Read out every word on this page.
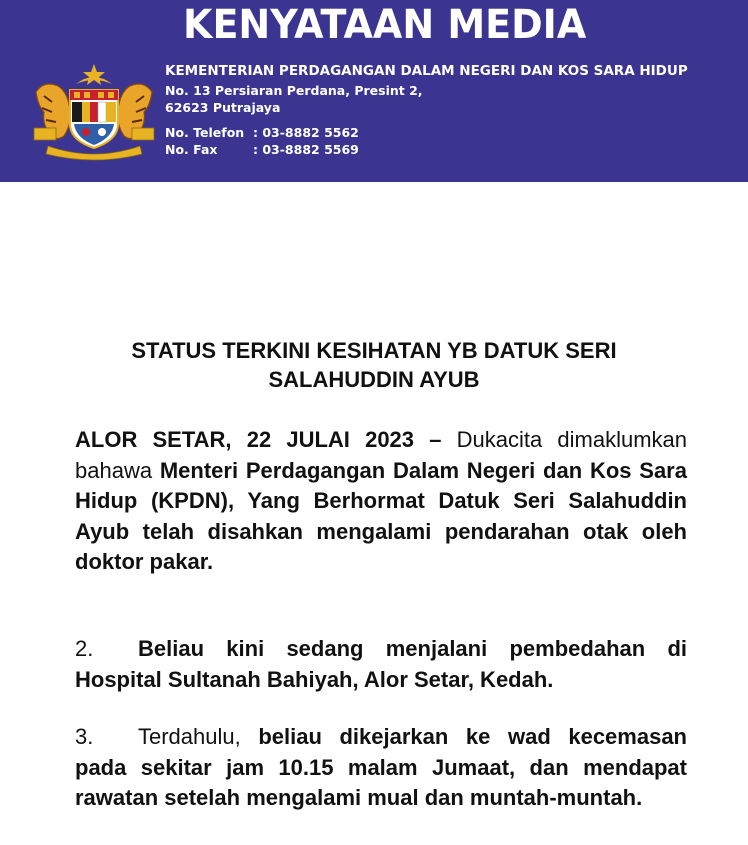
KENYATAAN MEDIA
KEMENTERIAN PERDAGANGAN DALAM NEGERI DAN KOS SARA HIDUP
No. 13 Persiaran Perdana, Presint 2,
62623 Putrajaya
No. Telefon : 03-8882 5562
No. Fax	: 03-8882 5569
STATUS TERKINI KESIHATAN YB DATUK SERI SALAHUDDIN AYUB
ALOR SETAR, 22 JULAI 2023 – Dukacita dimaklumkan bahawa Menteri Perdagangan Dalam Negeri dan Kos Sara Hidup (KPDN), Yang Berhormat Datuk Seri Salahuddin Ayub telah disahkan mengalami pendarahan otak oleh doktor pakar.
2. Beliau kini sedang menjalani pembedahan di Hospital Sultanah Bahiyah, Alor Setar, Kedah.
3. Terdahulu, beliau dikejarkan ke wad kecemasan pada sekitar jam 10.15 malam Jumaat, dan mendapat rawatan setelah mengalami mual dan muntah-muntah.
